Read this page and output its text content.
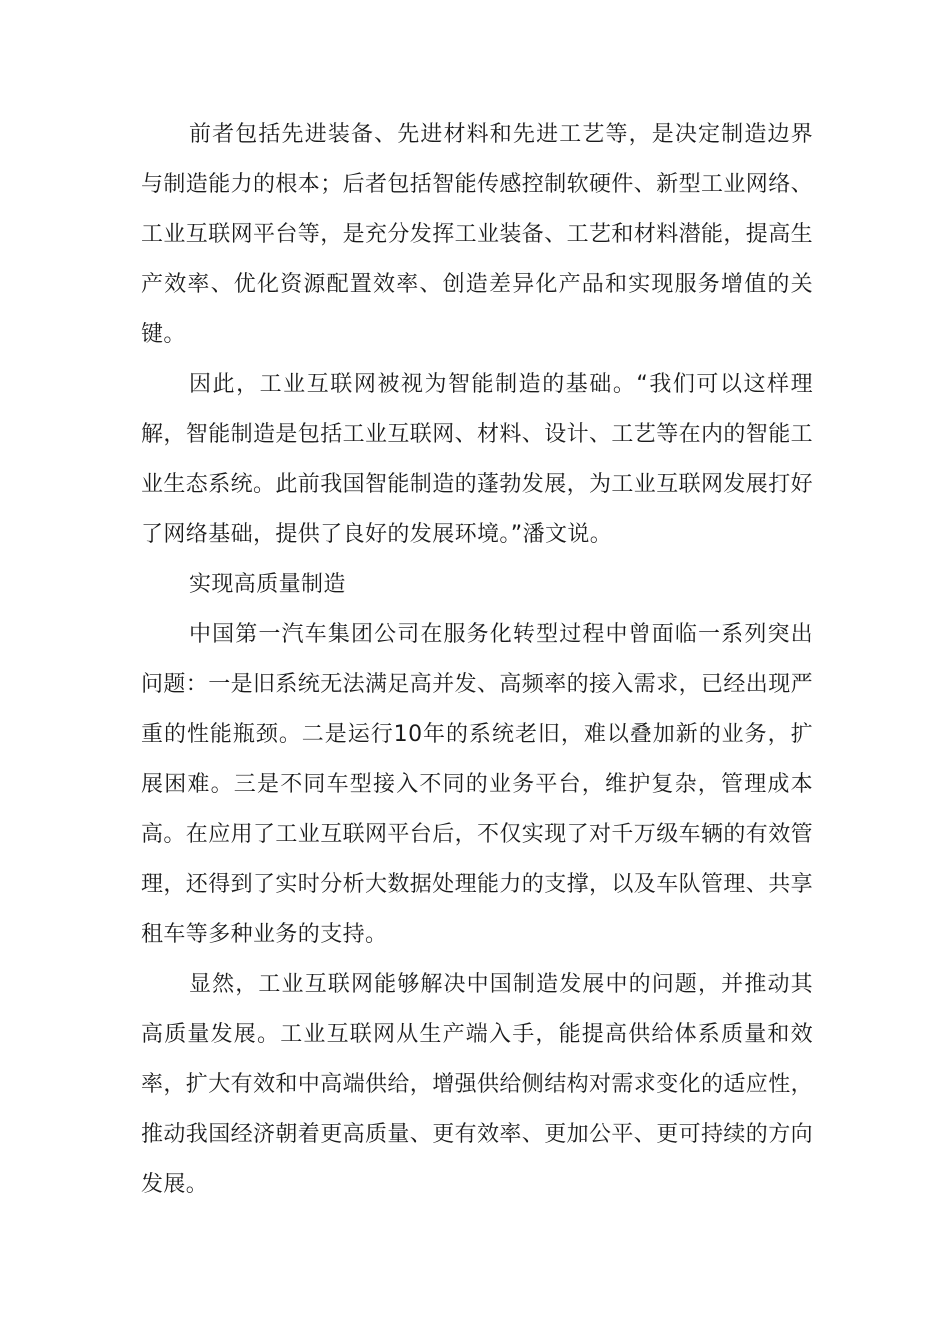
前者包括先进装备、先进材料和先进工艺等，是决定制造边界与制造能力的根本；后者包括智能传感控制软硬件、新型工业网络、工业互联网平台等，是充分发挥工业装备、工艺和材料潜能，提高生产效率、优化资源配置效率、创造差异化产品和实现服务增值的关键。

因此，工业互联网被视为智能制造的基础。“我们可以这样理解，智能制造是包括工业互联网、材料、设计、工艺等在内的智能工业生态系统。此前我国智能制造的蓬勃发展，为工业互联网发展打好了网络基础，提供了良好的发展环境。”潘文说。

实现高质量制造

中国第一汽车集团公司在服务化转型过程中曾面临一系列突出问题：一是旧系统无法满足高并发、高频率的接入需求，已经出现严重的性能瓶颈。二是运行10年的系统老旧，难以叠加新的业务，扩展困难。三是不同车型接入不同的业务平台，维护复杂，管理成本高。在应用了工业互联网平台后，不仅实现了对千万级车辆的有效管理，还得到了实时分析大数据处理能力的支撑，以及车队管理、共享租车等多种业务的支持。

显然，工业互联网能够解决中国制造发展中的问题，并推动其高质量发展。工业互联网从生产端入手，能提高供给体系质量和效率，扩大有效和中高端供给，增强供给侧结构对需求变化的适应性，推动我国经济朝着更高质量、更有效率、更加公平、更可持续的方向发展。
